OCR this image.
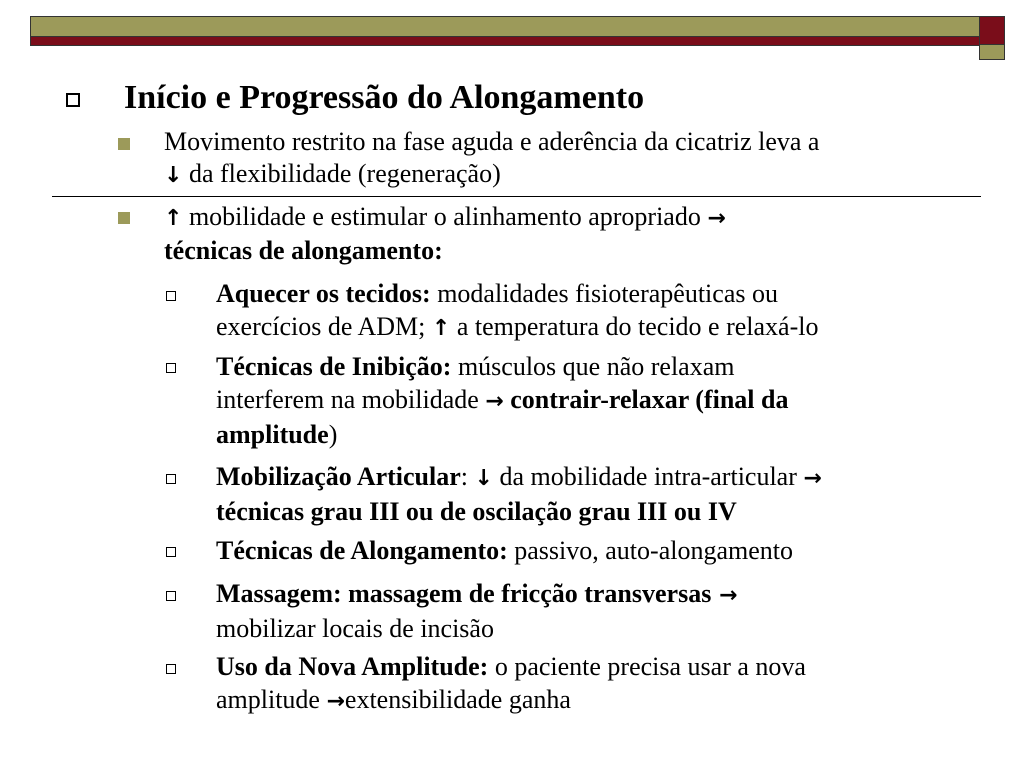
Início e Progressão do Alongamento
Movimento restrito na fase aguda e aderência da cicatriz leva a
↓ da flexibilidade (regeneração)
↑ mobilidade e estimular o alinhamento apropriado →
técnicas de alongamento:
Aquecer os tecidos: modalidades fisioterapêuticas ou
exercícios de ADM; ↑ a temperatura do tecido e relaxá-lo
Técnicas de Inibição: músculos que não relaxam
interferem na mobilidade → contrair-relaxar (final da
amplitude)
Mobilização Articular: ↓ da mobilidade intra-articular →
técnicas grau III ou de oscilação grau III ou IV
Técnicas de Alongamento: passivo, auto-alongamento
Massagem: massagem de fricção transversas →
mobilizar locais de incisão
Uso da Nova Amplitude: o paciente precisa usar a nova
amplitude →extensibilidade ganha
